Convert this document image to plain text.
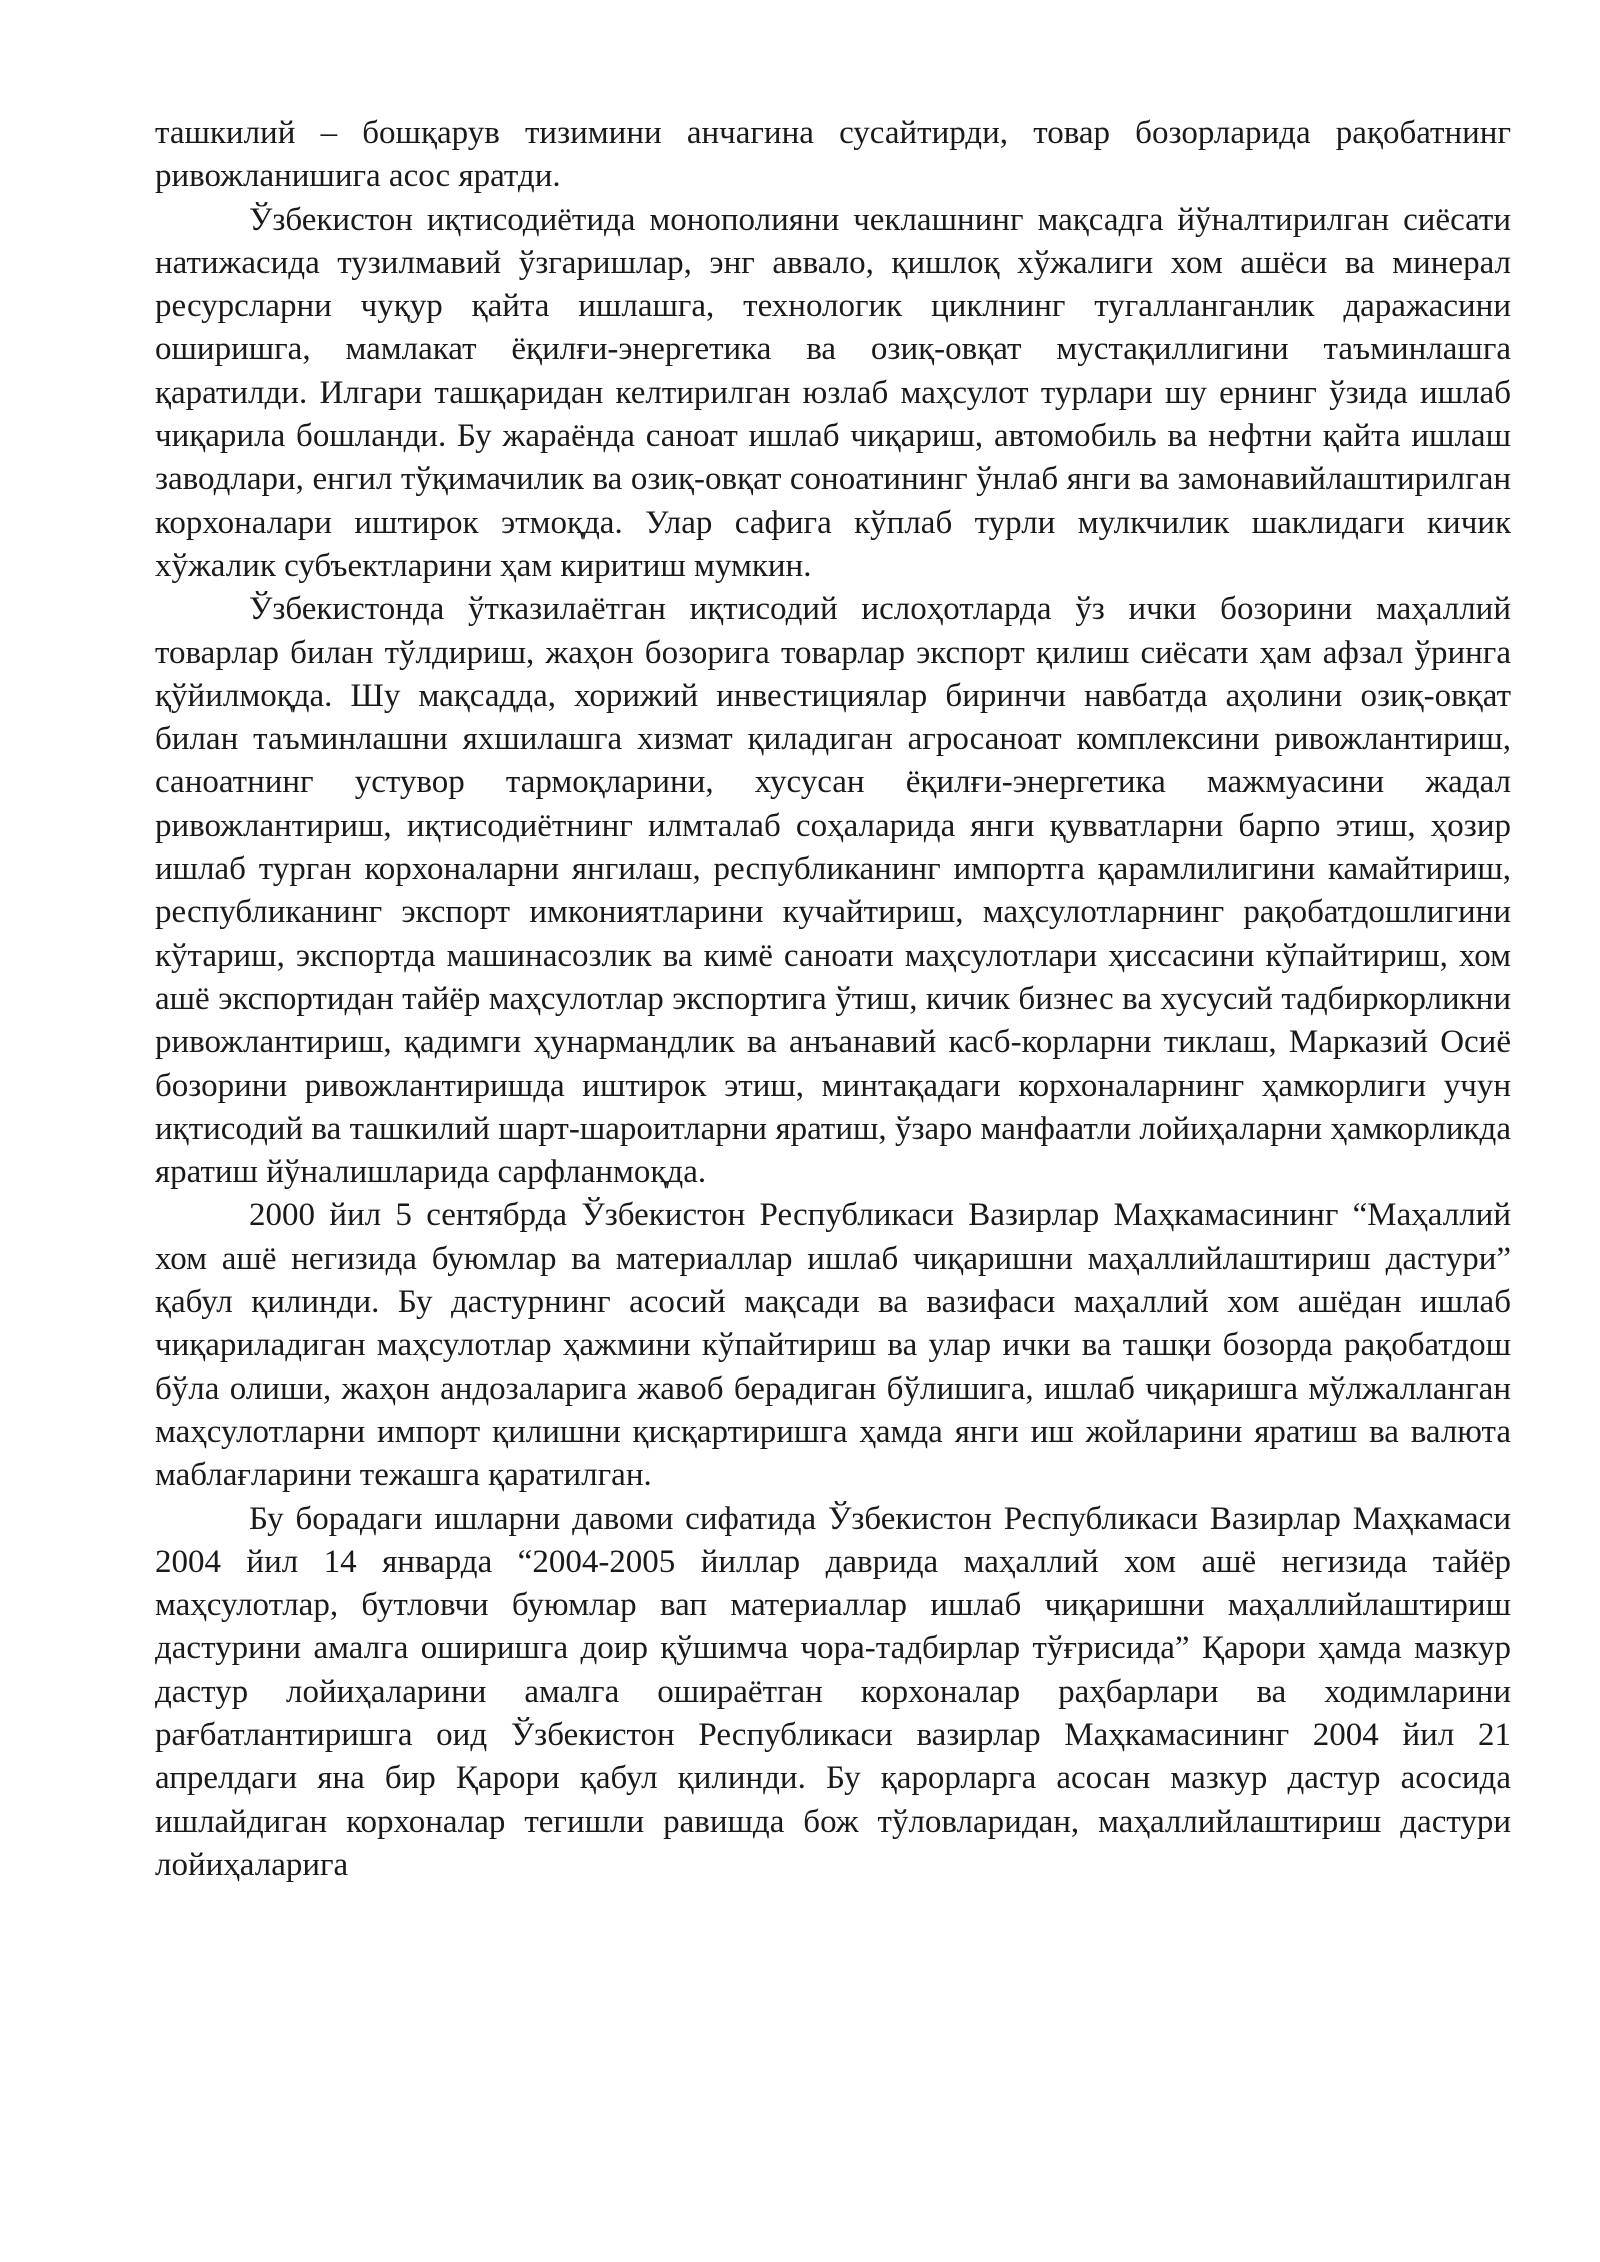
ташкилий – бошқарув тизимини анчагина сусайтирди, товар бозорларида рақобатнинг ривожланишига асос яратди.

Ўзбекистон иқтисодиётида монополияни чеклашнинг мақсадга йўналтирилган сиёсати натижасида тузилмавий ўзгаришлар, энг аввало, қишлоқ хўжалиги хом ашёси ва минерал ресурсларни чуқур қайта ишлашга, технологик циклнинг тугалланганлик даражасини оширишга, мамлакат ёқилғи-энергетика ва озиқ-овқат мустақиллигини таъминлашга қаратилди. Илгари ташқаридан келтирилган юзлаб маҳсулот турлари шу ернинг ўзида ишлаб чиқарила бошланди. Бу жараёнда саноат ишлаб чиқариш, автомобиль ва нефтни қайта ишлаш заводлари, енгил тўқимачилик ва озиқ-овқат соноатининг ўнлаб янги ва замонавийлаштирилган корхоналари иштирок этмоқда. Улар сафига кўплаб турли мулкчилик шаклидаги кичик хўжалик субъектларини ҳам киритиш мумкин.

Ўзбекистонда ўтказилаётган иқтисодий ислоҳотларда ўз ички бозорини маҳаллий товарлар билан тўлдириш, жаҳон бозорига товарлар экспорт қилиш сиёсати ҳам афзал ўринга қўйилмоқда. Шу мақсадда, хорижий инвестициялар биринчи навбатда аҳолини озиқ-овқат билан таъминлашни яхшилашга хизмат қиладиган агросаноат комплексини ривожлантириш, саноатнинг устувор тармоқларини, хусусан ёқилғи-энергетика мажмуасини жадал ривожлантириш, иқтисодиётнинг илмталаб соҳаларида янги қувватларни барпо этиш, ҳозир ишлаб турган корхоналарни янгилаш, республиканинг импортга қарамлилигини камайтириш, республиканинг экспорт имкониятларини кучайтириш, маҳсулотларнинг рақобатдошлигини кўтариш, экспортда машинасозлик ва кимё саноати маҳсулотлари ҳиссасини кўпайтириш, хом ашё экспортидан тайёр маҳсулотлар экспортига ўтиш, кичик бизнес ва хусусий тадбиркорликни ривожлантириш, қадимги ҳунармандлик ва анъанавий касб-корларни тиклаш, Марказий Осиё бозорини ривожлантиришда иштирок этиш, минтақадаги корхоналарнинг ҳамкорлиги учун иқтисодий ва ташкилий шарт-шароитларни яратиш, ўзаро манфаатли лойиҳаларни ҳамкорликда яратиш йўналишларида сарфланмоқда.

2000 йил 5 сентябрда Ўзбекистон Республикаси Вазирлар Маҳкамасининг “Маҳаллий хом ашё негизида буюмлар ва материаллар ишлаб чиқаришни маҳаллийлаштириш дастури” қабул қилинди. Бу дастурнинг асосий мақсади ва вазифаси маҳаллий хом ашёдан ишлаб чиқариладиган маҳсулотлар ҳажмини кўпайтириш ва улар ички ва ташқи бозорда рақобатдош бўла олиши, жаҳон андозаларига жавоб берадиган бўлишига, ишлаб чиқаришга мўлжалланган маҳсулотларни импорт қилишни қисқартиришга ҳамда янги иш жойларини яратиш ва валюта маблағларини тежашга қаратилган.

Бу борадаги ишларни давоми сифатида Ўзбекистон Республикаси Вазирлар Маҳкамаси 2004 йил 14 январда “2004-2005 йиллар даврида маҳаллий хом ашё негизида тайёр маҳсулотлар, бутловчи буюмлар вап материаллар ишлаб чиқаришни маҳаллийлаштириш дастурини амалга оширишга доир қўшимча чора-тадбирлар тўғрисида” Қарори ҳамда мазкур дастур лойиҳаларини амалга ошираётган корхоналар раҳбарлари ва ходимларини рағбатлантиришга оид Ўзбекистон Республикаси вазирлар Маҳкамасининг 2004 йил 21 апрелдаги яна бир Қарори қабул қилинди. Бу қарорларга асосан мазкур дастур асосида ишлайдиган корхоналар тегишли равишда бож тўловларидан, маҳаллийлаштириш дастури лойиҳаларига
